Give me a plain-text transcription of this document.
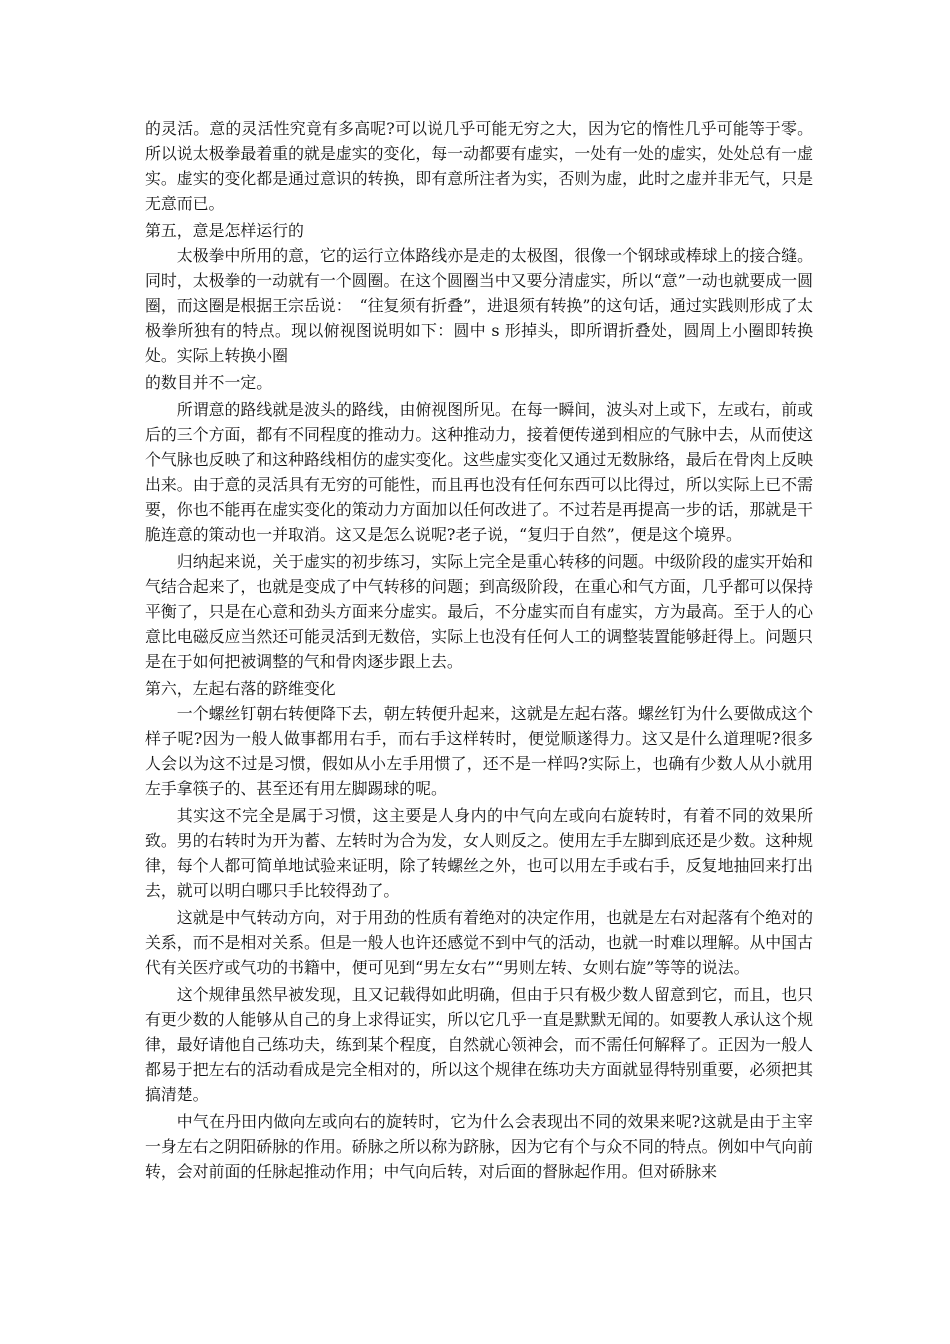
的灵活。意的灵活性究竟有多高呢?可以说几乎可能无穷之大，因为它的惰性几乎可能等于零。所以说太极拳最着重的就是虚实的变化，每一动都要有虚实，一处有一处的虚实，处处总有一虚实。虚实的变化都是通过意识的转换，即有意所注者为实，否则为虚，此时之虚并非无气，只是无意而已。

第五，意是怎样运行的

太极拳中所用的意，它的运行立体路线亦是走的太极图，很像一个钢球或棒球上的接合缝。同时，太极拳的一动就有一个圆圈。在这个圆圈当中又要分清虚实，所以“意”一动也就要成一圆圈，而这圈是根据王宗岳说：　“往复须有折叠”，进退须有转换”的这句话，通过实践则形成了太极拳所独有的特点。现以俯视图说明如下：圆中 s 形掉头，即所谓折叠处，圆周上小圈即转换处。实际上转换小圈

的数目并不一定。

所谓意的路线就是波头的路线，由俯视图所见。在每一瞬间，波头对上或下，左或右，前或后的三个方面，都有不同程度的推动力。这种推动力，接着便传递到相应的气脉中去，从而使这个气脉也反映了和这种路线相仿的虚实变化。这些虚实变化又通过无数脉络，最后在骨肉上反映出来。由于意的灵活具有无穷的可能性，而且再也没有任何东西可以比得过，所以实际上已不需要，你也不能再在虚实变化的策动力方面加以任何改进了。不过若是再提高一步的话，那就是干脆连意的策动也一并取消。这又是怎么说呢?老子说，“复归于自然”，便是这个境界。

归纳起来说，关于虚实的初步练习，实际上完全是重心转移的问题。中级阶段的虚实开始和气结合起来了，也就是变成了中气转移的问题；到高级阶段，在重心和气方面，几乎都可以保持平衡了，只是在心意和劲头方面来分虚实。最后，不分虚实而自有虚实，方为最高。至于人的心意比电磁反应当然还可能灵活到无数倍，实际上也没有任何人工的调整装置能够赶得上。问题只是在于如何把被调整的气和骨肉逐步跟上去。

第六，左起右落的跻维变化

一个螺丝钉朝右转便降下去，朝左转便升起来，这就是左起右落。螺丝钉为什么要做成这个样子呢?因为一般人做事都用右手，而右手这样转时，便觉顺遂得力。这又是什么道理呢?很多人会以为这不过是习惯，假如从小左手用惯了，还不是一样吗?实际上，也确有少数人从小就用左手拿筷子的、甚至还有用左脚踢球的呢。

其实这不完全是属于习惯，这主要是人身内的中气向左或向右旋转时，有着不同的效果所致。男的右转时为开为蓄、左转时为合为发，女人则反之。使用左手左脚到底还是少数。这种规律，每个人都可简单地试验来证明，除了转螺丝之外，也可以用左手或右手，反复地抽回来打出去，就可以明白哪只手比较得劲了。

这就是中气转动方向，对于用劲的性质有着绝对的决定作用，也就是左右对起落有个绝对的关系，而不是相对关系。但是一般人也许还感觉不到中气的活动，也就一时难以理解。从中国古代有关医疗或气功的书籍中，便可见到“男左女右”“男则左转、女则右旋”等等的说法。

这个规律虽然早被发现，且又记载得如此明确，但由于只有极少数人留意到它，而且，也只有更少数的人能够从自己的身上求得证实，所以它几乎一直是默默无闻的。如要教人承认这个规律，最好请他自己练功夫，练到某个程度，自然就心领神会，而不需任何解释了。正因为一般人都易于把左右的活动看成是完全相对的，所以这个规律在练功夫方面就显得特别重要，必须把其搞清楚。

中气在丹田内做向左或向右的旋转时，它为什么会表现出不同的效果来呢?这就是由于主宰一身左右之阴阳硚脉的作用。硚脉之所以称为跻脉，因为它有个与众不同的特点。例如中气向前转，会对前面的任脉起推动作用；中气向后转，对后面的督脉起作用。但对硚脉来
